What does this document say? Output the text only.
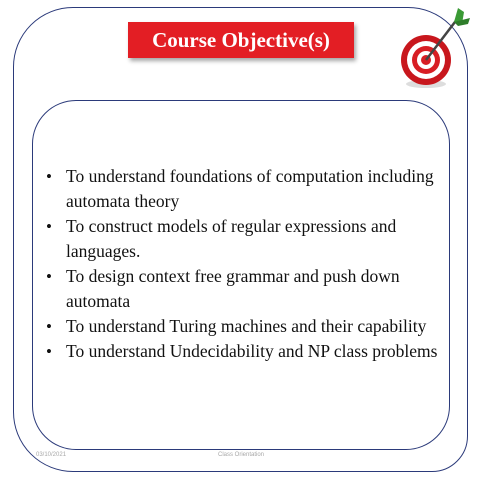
Course Objective(s)
• To understand foundations of computation including automata theory
• To construct models of regular expressions and languages.
• To design context free grammar and push down automata
• To understand Turing machines and their capability
• To understand Undecidability and NP class problems
03/10/2021	Class Orientation
